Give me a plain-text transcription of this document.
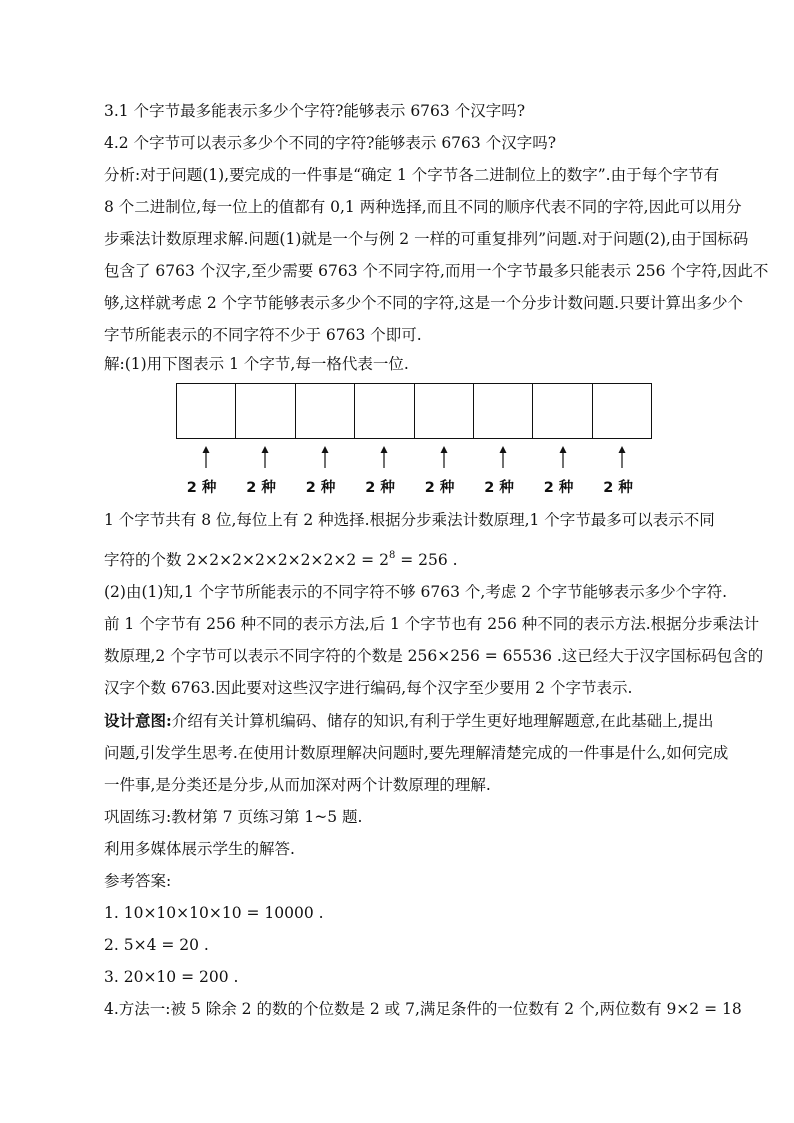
3.1 个字节最多能表示多少个字符?能够表示 6763 个汉字吗?
4.2 个字节可以表示多少个不同的字符?能够表示 6763 个汉字吗?
分析:对于问题(1),要完成的一件事是“确定 1 个字节各二进制位上的数字”.由于每个字节有
8 个二进制位,每一位上的值都有 0,1 两种选择,而且不同的顺序代表不同的字符,因此可以用分
步乘法计数原理求解.问题(1)就是一个与例 2 一样的可重复排列”问题.对于问题(2),由于国标码
包含了 6763 个汉字,至少需要 6763 个不同字符,而用一个字节最多只能表示 256 个字符,因此不
够,这样就考虑 2 个字节能够表示多少个不同的字符,这是一个分步计数问题.只要计算出多少个
字节所能表示的不同字符不少于 6763 个即可.
解:(1)用下图表示 1 个字节,每一格代表一位.
2 种 2 种 2 种 2 种 2 种 2 种 2 种 2 种
1 个字节共有 8 位,每位上有 2 种选择.根据分步乘法计数原理,1 个字节最多可以表示不同
字符的个数 $2\times 2\times 2\times 2\times 2\times 2\times 2\times 2 = 2^8 = 256$ .
(2)由(1)知,1 个字节所能表示的不同字符不够 6763 个,考虑 2 个字节能够表示多少个字符.
前 1 个字节有 256 种不同的表示方法,后 1 个字节也有 256 种不同的表示方法.根据分步乘法计
数原理,2 个字节可以表示不同字符的个数是 256×256 = 65536 .这已经大于汉字国标码包含的
汉字个数 6763.因此要对这些汉字进行编码,每个汉字至少要用 2 个字节表示.
设计意图:介绍有关计算机编码、储存的知识,有利于学生更好地理解题意,在此基础上,提出
问题,引发学生思考.在使用计数原理解决问题时,要先理解清楚完成的一件事是什么,如何完成
一件事,是分类还是分步,从而加深对两个计数原理的理解.
巩固练习:教材第 7 页练习第 1~5 题.
利用多媒体展示学生的解答.
参考答案:
1. 10×10×10×10 = 10000 .
2. 5×4 = 20 .
3. 20×10 = 200 .
4.方法一:被 5 除余 2 的数的个位数是 2 或 7,满足条件的一位数有 2 个,两位数有 9×2 = 18
